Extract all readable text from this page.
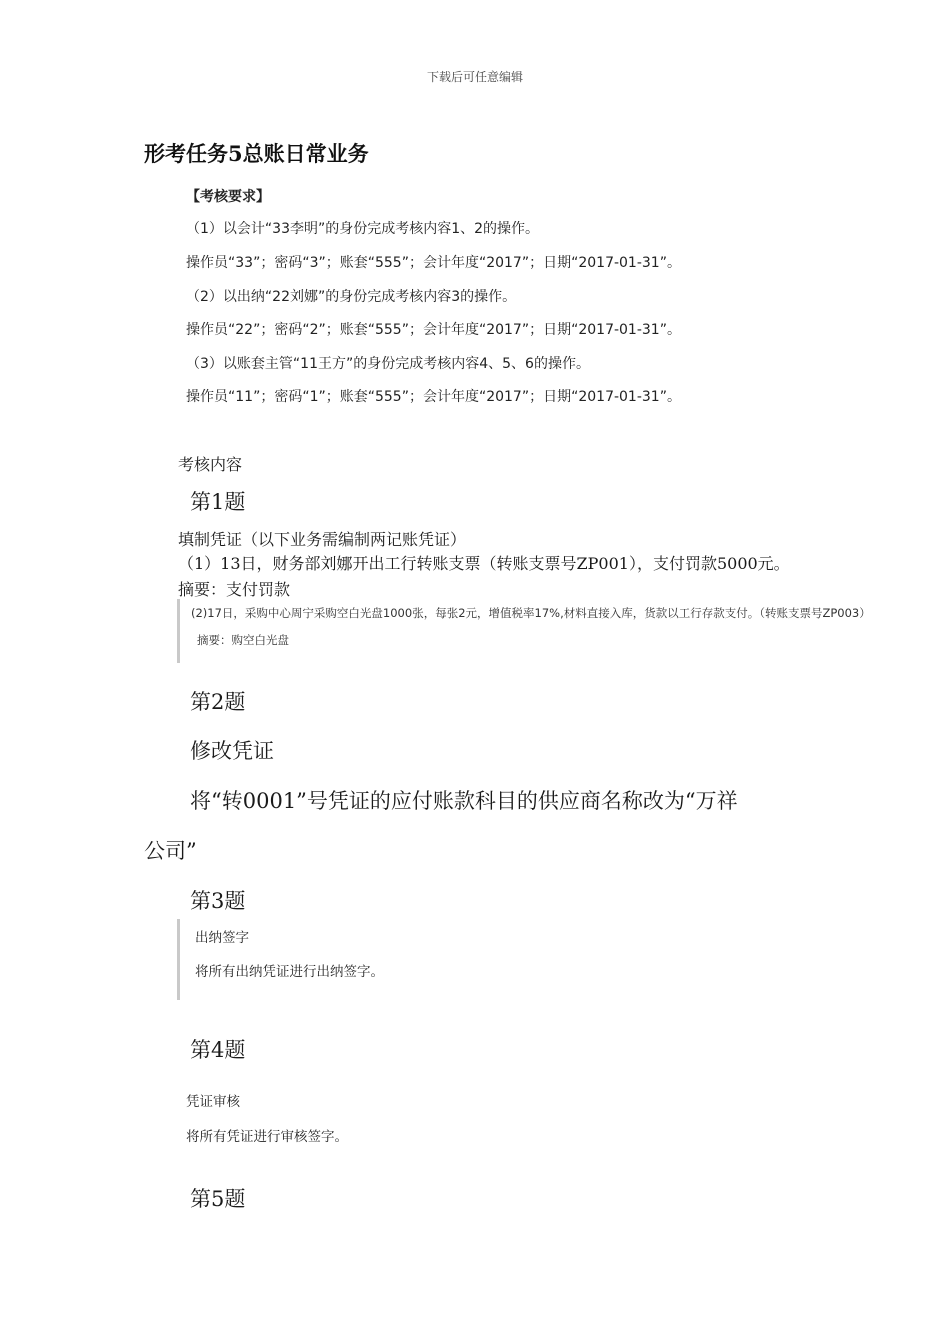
下载后可任意编辑
形考任务5总账日常业务
【考核要求】
（1）以会计“33李明”的身份完成考核内容1、2的操作。
操作员“33”；密码“3”；账套“555”；会计年度“2017”；日期“2017-01-31”。
（2）以出纳“22刘娜”的身份完成考核内容3的操作。
操作员“22”；密码“2”；账套“555”；会计年度“2017”；日期“2017-01-31”。
（3）以账套主管“11王方”的身份完成考核内容4、5、6的操作。
操作员“11”；密码“1”；账套“555”；会计年度“2017”；日期“2017-01-31”。
考核内容
第1题
填制凭证（以下业务需编制两记账凭证）
（1）13日，财务部刘娜开出工行转账支票（转账支票号ZP001），支付罚款5000元。
摘要：支付罚款
(2)17日，采购中心周宁采购空白光盘1000张，每张2元，增值税率17%,材料直接入库，货款以工行存款支付。（转账支票号ZP003）
摘要：购空白光盘
第2题
修改凭证
将“转0001”号凭证的应付账款科目的供应商名称改为“万祥
公司”
第3题
出纳签字
将所有出纳凭证进行出纳签字。
第4题
凭证审核
将所有凭证进行审核签字。
第5题
